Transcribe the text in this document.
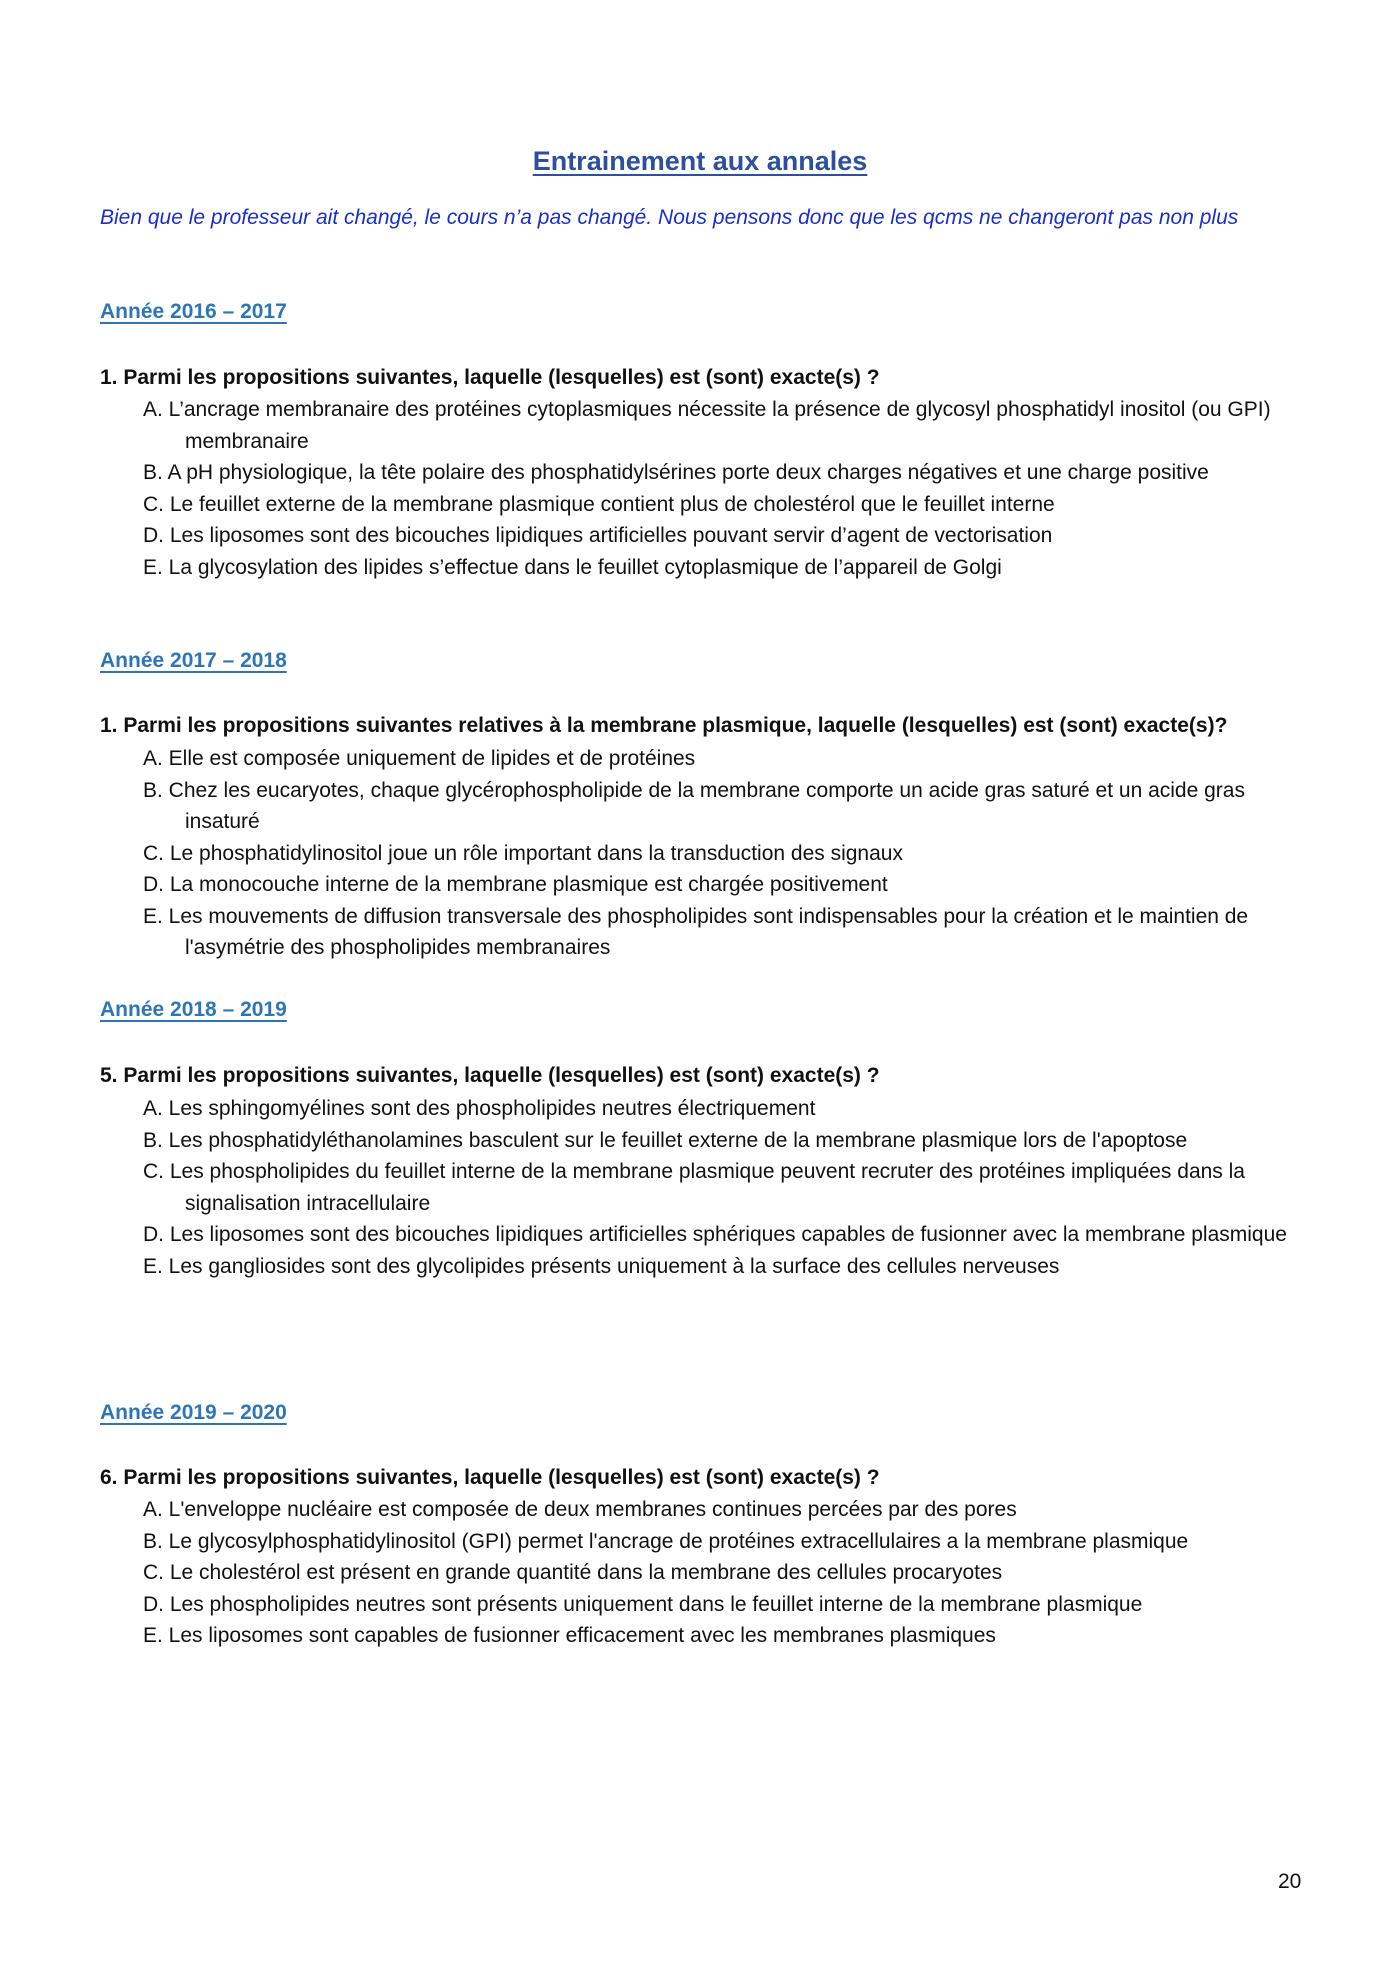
Entrainement aux annales
Bien que le professeur ait changé, le cours n’a pas changé. Nous pensons donc que les qcms ne changeront pas non plus
Année 2016 – 2017
1. Parmi les propositions suivantes, laquelle (lesquelles) est (sont) exacte(s) ?
A. L’ancrage membranaire des protéines cytoplasmiques nécessite la présence de glycosyl phosphatidyl inositol (ou GPI) membranaire
B. A pH physiologique, la tête polaire des phosphatidylsérines porte deux charges négatives et une charge positive
C. Le feuillet externe de la membrane plasmique contient plus de cholestérol que le feuillet interne
D. Les liposomes sont des bicouches lipidiques artificielles pouvant servir d’agent de vectorisation
E. La glycosylation des lipides s’effectue dans le feuillet cytoplasmique de l’appareil de Golgi
Année 2017 – 2018
1. Parmi les propositions suivantes relatives à la membrane plasmique, laquelle (lesquelles) est (sont) exacte(s)?
A. Elle est composée uniquement de lipides et de protéines
B. Chez les eucaryotes, chaque glycérophospholipide de la membrane comporte un acide gras saturé et un acide gras insaturé
C. Le phosphatidylinositol joue un rôle important dans la transduction des signaux
D. La monocouche interne de la membrane plasmique est chargée positivement
E. Les mouvements de diffusion transversale des phospholipides sont indispensables pour la création et le maintien de l'asymétrie des phospholipides membranaires
Année 2018 – 2019
5. Parmi les propositions suivantes, laquelle (lesquelles) est (sont) exacte(s) ?
A. Les sphingomyélines sont des phospholipides neutres électriquement
B. Les phosphatidyléthanolamines basculent sur le feuillet externe de la membrane plasmique lors de l'apoptose
C. Les phospholipides du feuillet interne de la membrane plasmique peuvent recruter des protéines impliquées dans la signalisation intracellulaire
D. Les liposomes sont des bicouches lipidiques artificielles sphériques capables de fusionner avec la membrane plasmique
E. Les gangliosides sont des glycolipides présents uniquement à la surface des cellules nerveuses
Année 2019 – 2020
6. Parmi les propositions suivantes, laquelle (lesquelles) est (sont) exacte(s) ?
A. L'enveloppe nucléaire est composée de deux membranes continues percées par des pores
B. Le glycosylphosphatidylinositol (GPI) permet l'ancrage de protéines extracellulaires a la membrane plasmique
C. Le cholestérol est présent en grande quantité dans la membrane des cellules procaryotes
D. Les phospholipides neutres sont présents uniquement dans le feuillet interne de la membrane plasmique
E. Les liposomes sont capables de fusionner efficacement avec les membranes plasmiques
20
